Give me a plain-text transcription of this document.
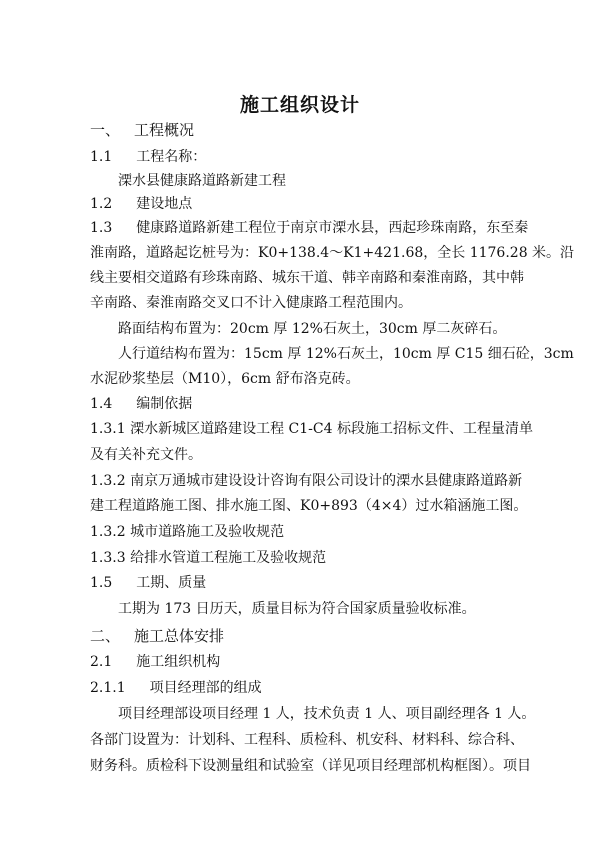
施工组织设计
一、 工程概况
1.1 工程名称：
溧水县健康路道路新建工程
1.2 建设地点
1.3 健康路道路新建工程位于南京市溧水县，西起珍珠南路，东至秦
淮南路，道路起讫桩号为：K0+138.4～K1+421.68，全长 1176.28 米。沿
线主要相交道路有珍珠南路、城东干道、韩辛南路和秦淮南路，其中韩
辛南路、秦淮南路交叉口不计入健康路工程范围内。
路面结构布置为：20cm 厚 12%石灰土，30cm 厚二灰碎石。
人行道结构布置为：15cm 厚 12%石灰土，10cm 厚 C15 细石砼，3cm
水泥砂浆垫层（M10），6cm 舒布洛克砖。
1.4 编制依据
1.3.1 溧水新城区道路建设工程 C1-C4 标段施工招标文件、工程量清单
及有关补充文件。
1.3.2 南京万通城市建设设计咨询有限公司设计的溧水县健康路道路新
建工程道路施工图、排水施工图、K0+893（4×4）过水箱涵施工图。
1.3.2 城市道路施工及验收规范
1.3.3 给排水管道工程施工及验收规范
1.5 工期、质量
工期为 173 日历天，质量目标为符合国家质量验收标准。
二、 施工总体安排
2.1 施工组织机构
2.1.1 项目经理部的组成
项目经理部设项目经理 1 人，技术负责 1 人、项目副经理各 1 人。
各部门设置为：计划科、工程科、质检科、机安科、材料科、综合科、
财务科。质检科下设测量组和试验室（详见项目经理部机构框图）。项目
